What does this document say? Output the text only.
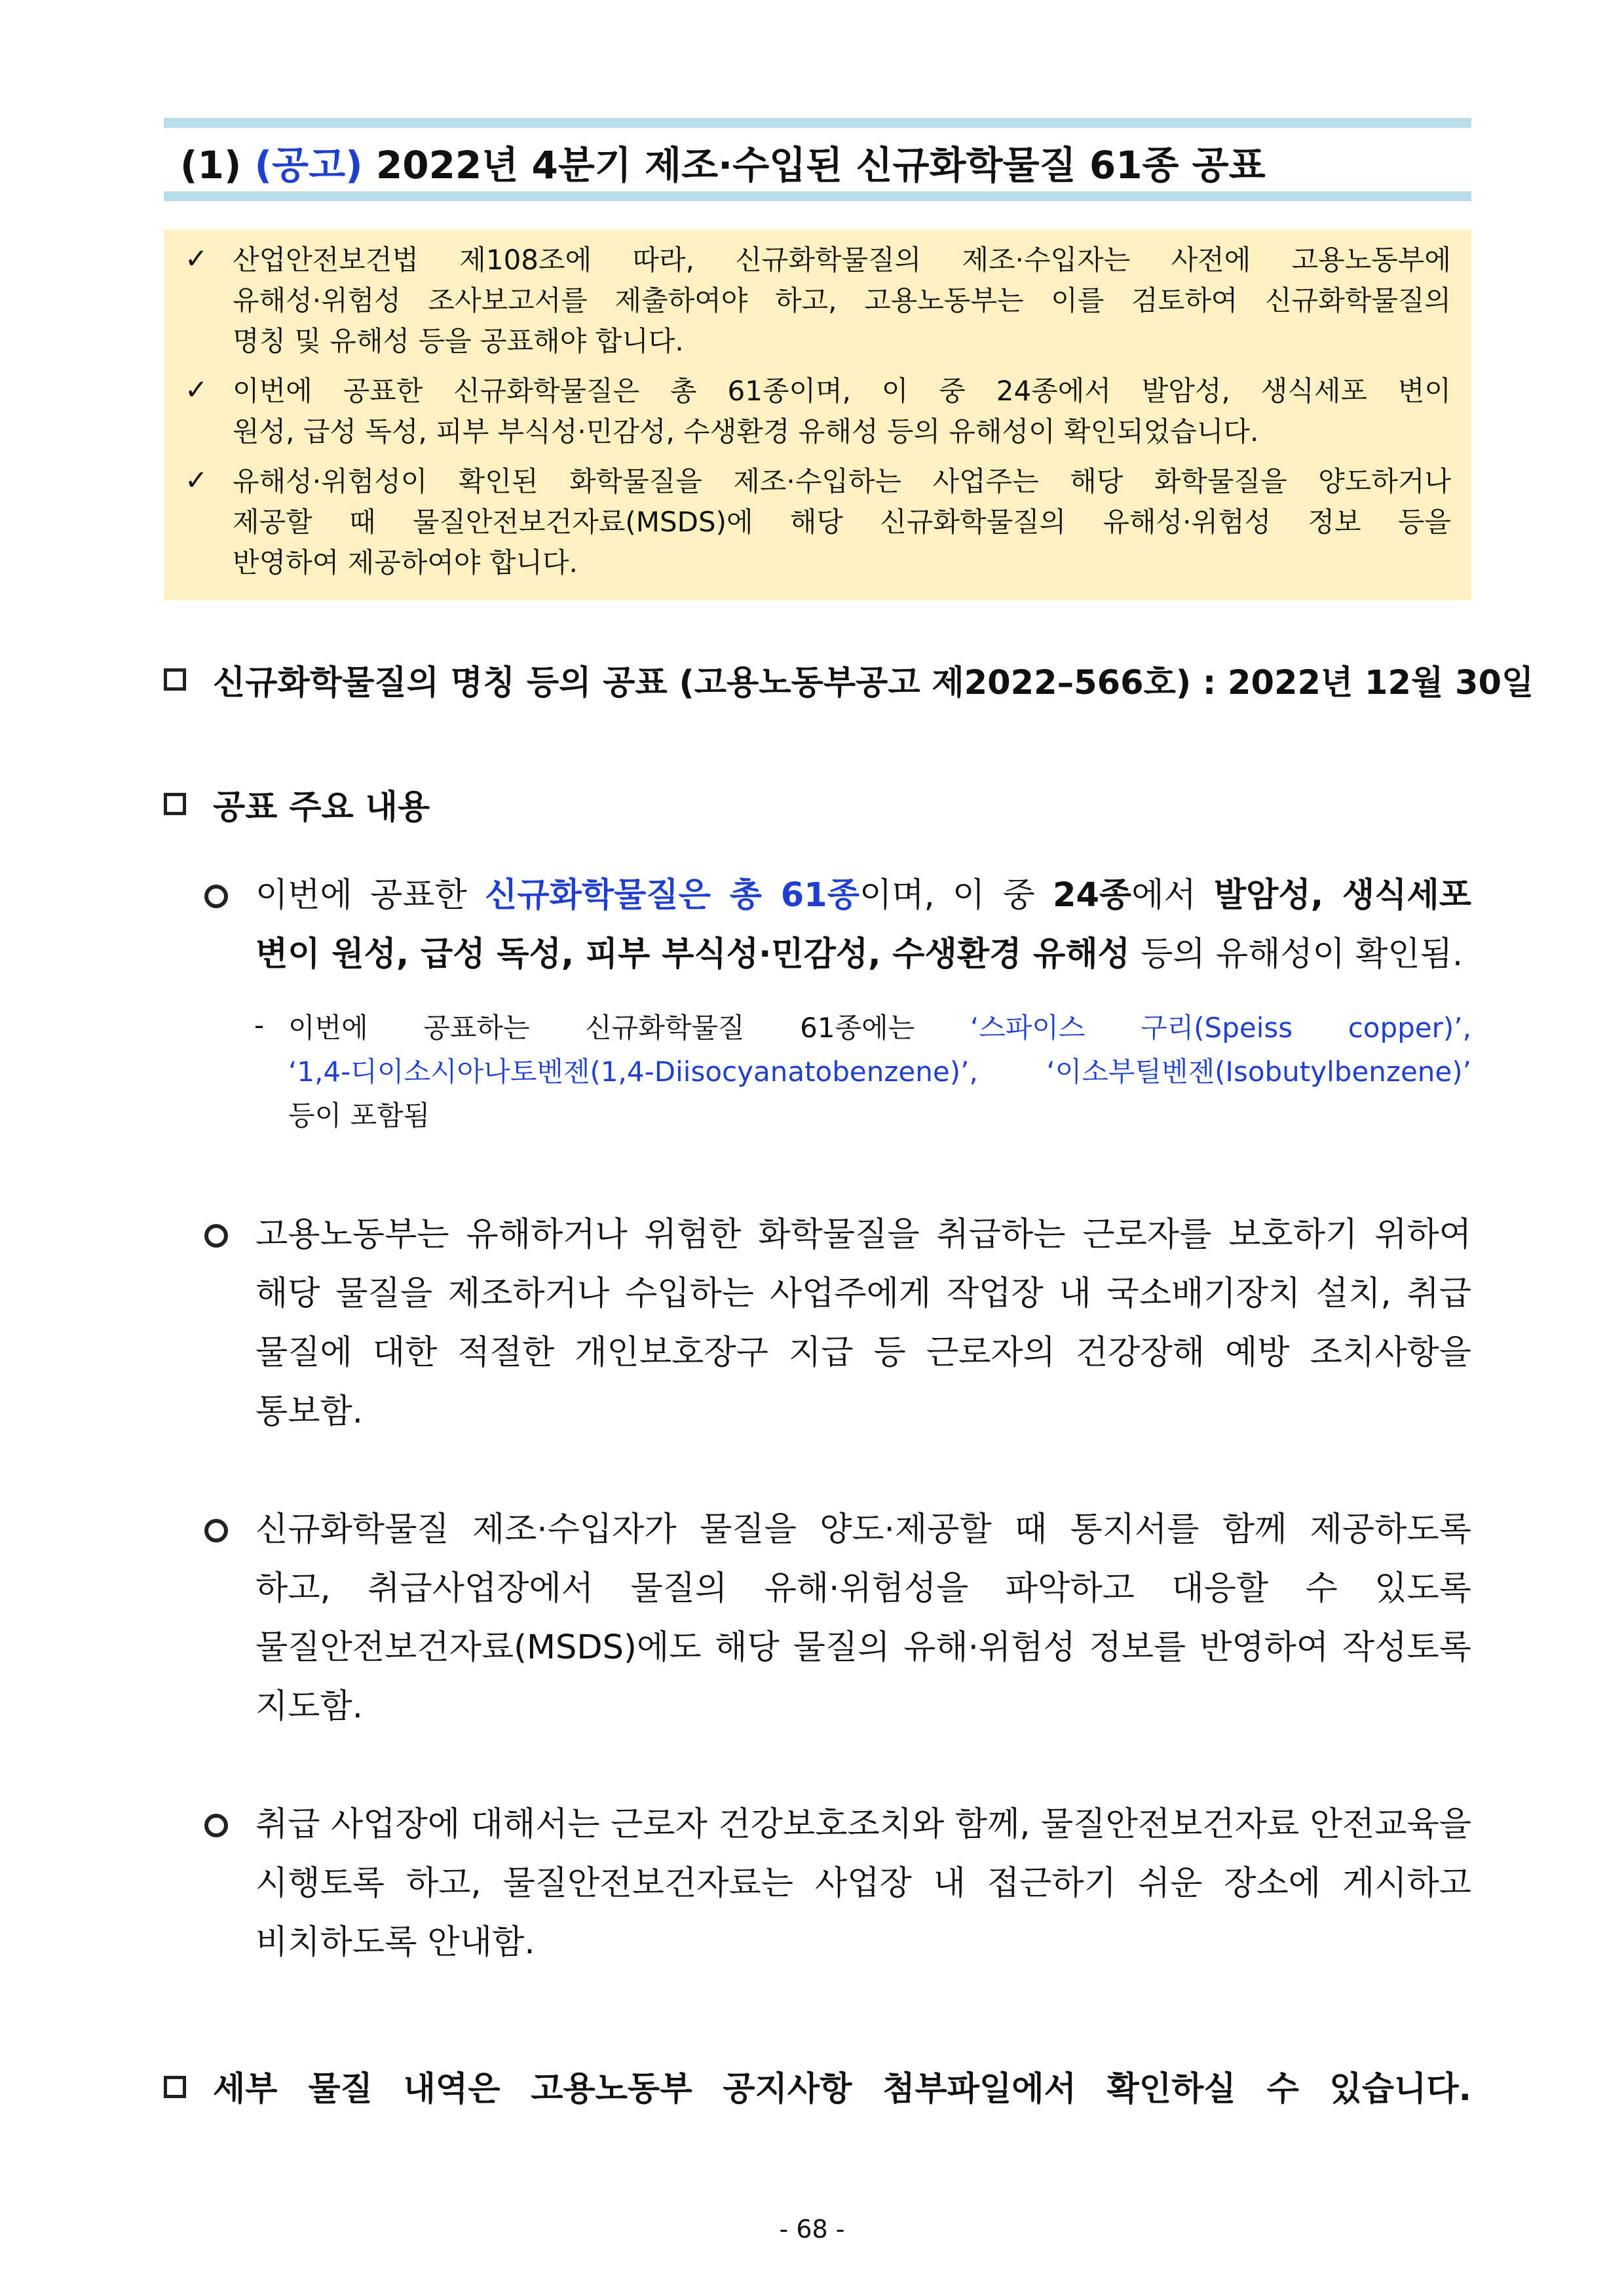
(1) (공고) 2022년 4분기 제조·수입된 신규화학물질 61종 공표
✓ 산업안전보건법 제108조에 따라, 신규화학물질의 제조·수입자는 사전에 고용노동부에
유해성·위험성 조사보고서를 제출하여야 하고, 고용노동부는 이를 검토하여 신규화학물질의
명칭 및 유해성 등을 공표해야 합니다.
✓ 이번에 공표한 신규화학물질은 총 61종이며, 이 중 24종에서 발암성, 생식세포 변이
원성, 급성 독성, 피부 부식성·민감성, 수생환경 유해성 등의 유해성이 확인되었습니다.
✓ 유해성·위험성이 확인된 화학물질을 제조·수입하는 사업주는 해당 화학물질을 양도하거나
제공할 때 물질안전보건자료(MSDS)에 해당 신규화학물질의 유해성·위험성 정보 등을
반영하여 제공하여야 합니다.
신규화학물질의 명칭 등의 공표 (고용노동부공고 제2022–566호) : 2022년 12월 30일
공표 주요 내용
이번에 공표한 신규화학물질은 총 61종이며, 이 중 24종에서 발암성, 생식세포
변이 원성, 급성 독성, 피부 부식성·민감성, 수생환경 유해성 등의 유해성이 확인됨.
- 이번에 공표하는 신규화학물질 61종에는 ‘스파이스 구리(Speiss copper)’,
‘1,4-디이소시아나토벤젠(1,4-Diisocyanatobenzene)’, ‘이소부틸벤젠(Isobutylbenzene)’
등이 포함됨
고용노동부는 유해하거나 위험한 화학물질을 취급하는 근로자를 보호하기 위하여
해당 물질을 제조하거나 수입하는 사업주에게 작업장 내 국소배기장치 설치, 취급
물질에 대한 적절한 개인보호장구 지급 등 근로자의 건강장해 예방 조치사항을
통보함.
신규화학물질 제조·수입자가 물질을 양도·제공할 때 통지서를 함께 제공하도록
하고, 취급사업장에서 물질의 유해·위험성을 파악하고 대응할 수 있도록
물질안전보건자료(MSDS)에도 해당 물질의 유해·위험성 정보를 반영하여 작성토록
지도함.
취급 사업장에 대해서는 근로자 건강보호조치와 함께, 물질안전보건자료 안전교육을
시행토록 하고, 물질안전보건자료는 사업장 내 접근하기 쉬운 장소에 게시하고
비치하도록 안내함.
세부 물질 내역은 고용노동부 공지사항 첨부파일에서 확인하실 수 있습니다.
- 68 -
